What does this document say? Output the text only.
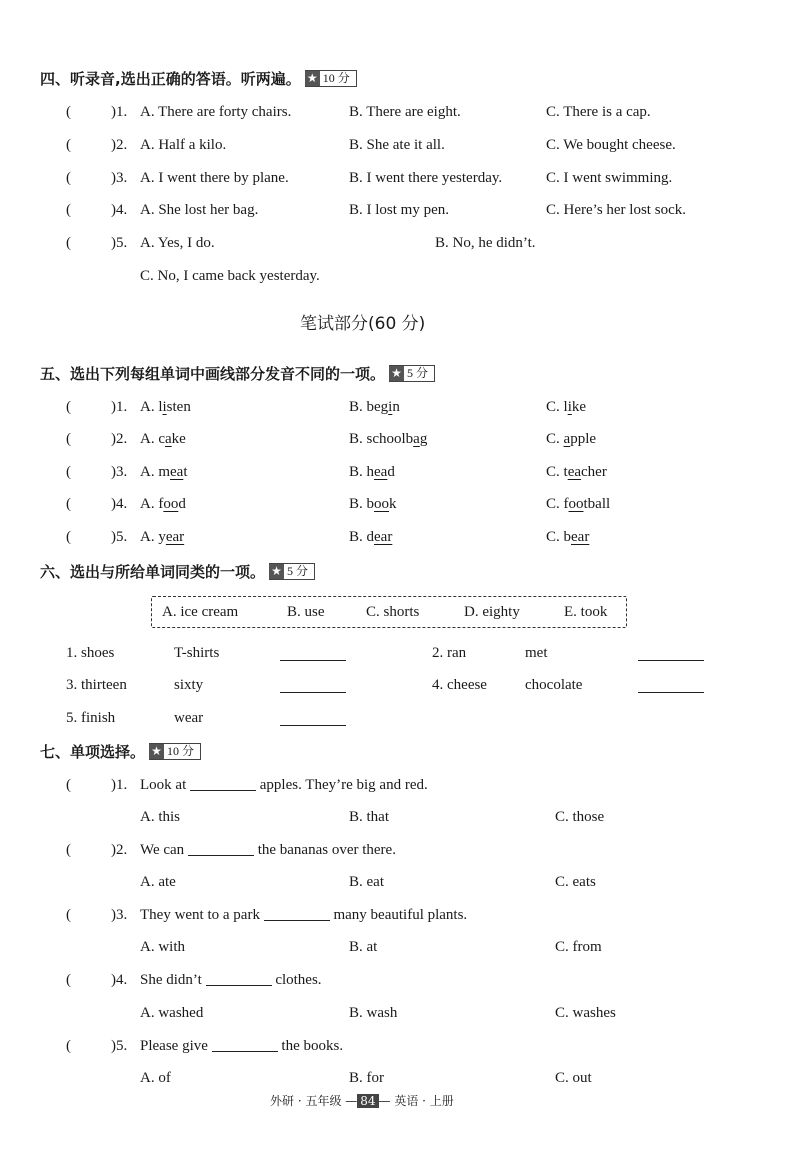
四、听录音,选出正确的答语。听两遍。 ★ 10 分
(	)1. A. There are forty chairs.	B. There are eight.	C. There is a cap.
(	)2. A. Half a kilo.	B. She ate it all.	C. We bought cheese.
(	)3. A. I went there by plane.	B. I went there yesterday.	C. I went swimming.
(	)4. A. She lost her bag.	B. I lost my pen.	C. Here’s her lost sock.
(	)5. A. Yes, I do.	B. No, he didn’t.
C. No, I came back yesterday.
笔试部分(60 分)
五、选出下列每组单词中画线部分发音不同的一项。 ★ 5 分
(	)1. A. listen	B. begin	C. like
(	)2. A. cake	B. schoolbag	C. apple
(	)3. A. meat	B. head	C. teacher
(	)4. A. food	B. book	C. football
(	)5. A. year	B. dear	C. bear
六、选出与所给单词同类的一项。 ★ 5 分
A. ice cream	B. use	C. shorts	D. eighty	E. took
1. shoes	T-shirts	2. ran	met
3. thirteen	sixty	4. cheese	chocolate
5. finish	wear
七、单项选择。 ★ 10 分
(	)1. Look at	apples. They’re big and red.
A. this	B. that	C. those
(	)2. We can	the bananas over there.
A. ate	B. eat	C. eats
(	)3. They went to a park	many beautiful plants.
A. with	B. at	C. from
(	)4. She didn’t	clothes.
A. washed	B. wash	C. washes
(	)5. Please give	the books.
A. of	B. for	C. out
外研 · 五年级 — 84 — 英语 · 上册
